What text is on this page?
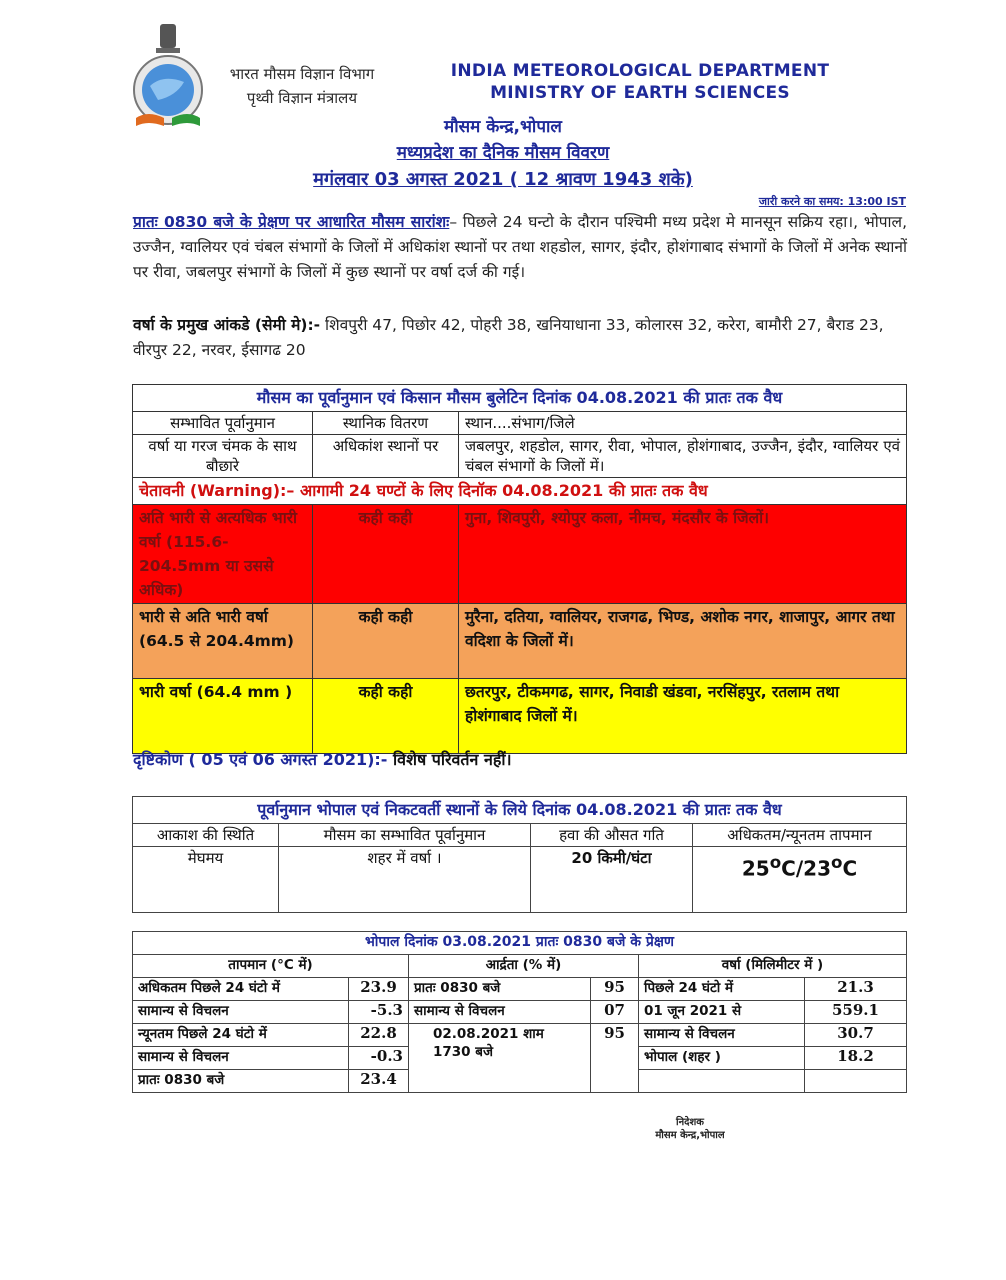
भारत मौसम विज्ञान विभाग
पृथ्वी विज्ञान मंत्रालय
INDIA METEOROLOGICAL DEPARTMENT
MINISTRY OF EARTH SCIENCES
मौसम केन्द्र,भोपाल
मध्यप्रदेश का दैनिक मौसम विवरण
मगंलवार 03 अगस्त 2021 ( 12 श्रावण 1943 शके)
जारी करने का समय: 13:00 IST
प्रातः 0830 बजे के प्रेक्षण पर आधारित मौसम सारांशः– पिछले 24 घन्टो के दौरान पश्चिमी मध्य प्रदेश मे मानसून सक्रिय रहा।, भोपाल, उज्जैन, ग्वालियर एवं चंबल संभागों के जिलों में अधिकांश स्थानों पर तथा शहडोल, सागर, इंदौर, होशंगाबाद संभागों के जिलों में अनेक स्थानों पर रीवा, जबलपुर संभागों के जिलों में कुछ स्थानों पर वर्षा दर्ज की गई।
वर्षा के प्रमुख आंकडे (सेमी मे):- शिवपुरी 47, पिछोर 42, पोहरी 38, खनियाधाना 33, कोलारस 32, करेरा, बामौरी 27, बैराड 23, वीरपुर 22, नरवर, ईसागढ 20
मौसम का पूर्वानुमान एवं किसान मौसम बुलेटिन दिनांक 04.08.2021 की प्रातः तक वैध		
सम्भावित पूर्वानुमान	स्थानिक वितरण	स्थान....संभाग/जिले
वर्षा या गरज चंमक के साथ बौछारे	अधिकांश स्थानों पर	जबलपुर, शहडोल, सागर, रीवा, भोपाल, होशंगाबाद, उज्जैन, इंदौर, ग्वालियर एवं चंबल संभागों के जिलों में।
चेतावनी (Warning):– आगामी 24 घण्टों के लिए दिनॉक 04.08.2021 की प्रातः तक वैध		
अति भारी से अत्यधिक भारी वर्षा (115.6-204.5mm या उससे अधिक)	कही कही	गुना, शिवपुरी, श्योपुर कला, नीमच, मंदसौर के जिलों।
भारी से अति भारी वर्षा (64.5 से 204.4mm)	कही कही	मुरैना, दतिया, ग्वालियर, राजगढ, भिण्ड, अशोक नगर, शाजापुर, आगर तथा वदिशा के जिलों में।
भारी वर्षा (64.4 mm )	कही कही	छतरपुर, टीकमगढ, सागर, निवाडी खंडवा, नरसिंहपुर, रतलाम तथा होशंगाबाद जिलों में।
दृष्टिकोण ( 05 एवं 06 अगस्त 2021):- विशेष परिवर्तन नहीं।
पूर्वानुमान भोपाल एवं निकटवर्ती स्थानों के लिये दिनांक 04.08.2021 की प्रातः तक वैध			
आकाश की स्थिति	मौसम का सम्भावित पूर्वानुमान	हवा की औसत गति	अधिकतम/न्यूनतम तापमान
मेघमय	शहर में वर्षा ।	20 किमी/घंटा	25$^o$C/23$^o$C
भोपाल दिनांक 03.08.2021 प्रातः 0830 बजे के प्रेक्षण					
तापमान (°C में)		आर्द्रता (% में)		वर्षा (मिलिमीटर में )	
अधिकतम पिछले 24 घंटो में	23.9	प्रातः 0830 बजे	95	पिछले 24 घंटो में	21.3
सामान्य से विचलन	-5.3	सामान्य से विचलन	07	01 जून 2021 से	559.1
न्यूनतम पिछले 24 घंटो में	22.8	02.08.2021 शाम 1730 बजे	95	सामान्य से विचलन	30.7
सामान्य से विचलन	-0.3			भोपाल (शहर )	18.2
प्रातः 0830 बजे	23.4				
निदेशक
मौसम केन्द्र,भोपाल
